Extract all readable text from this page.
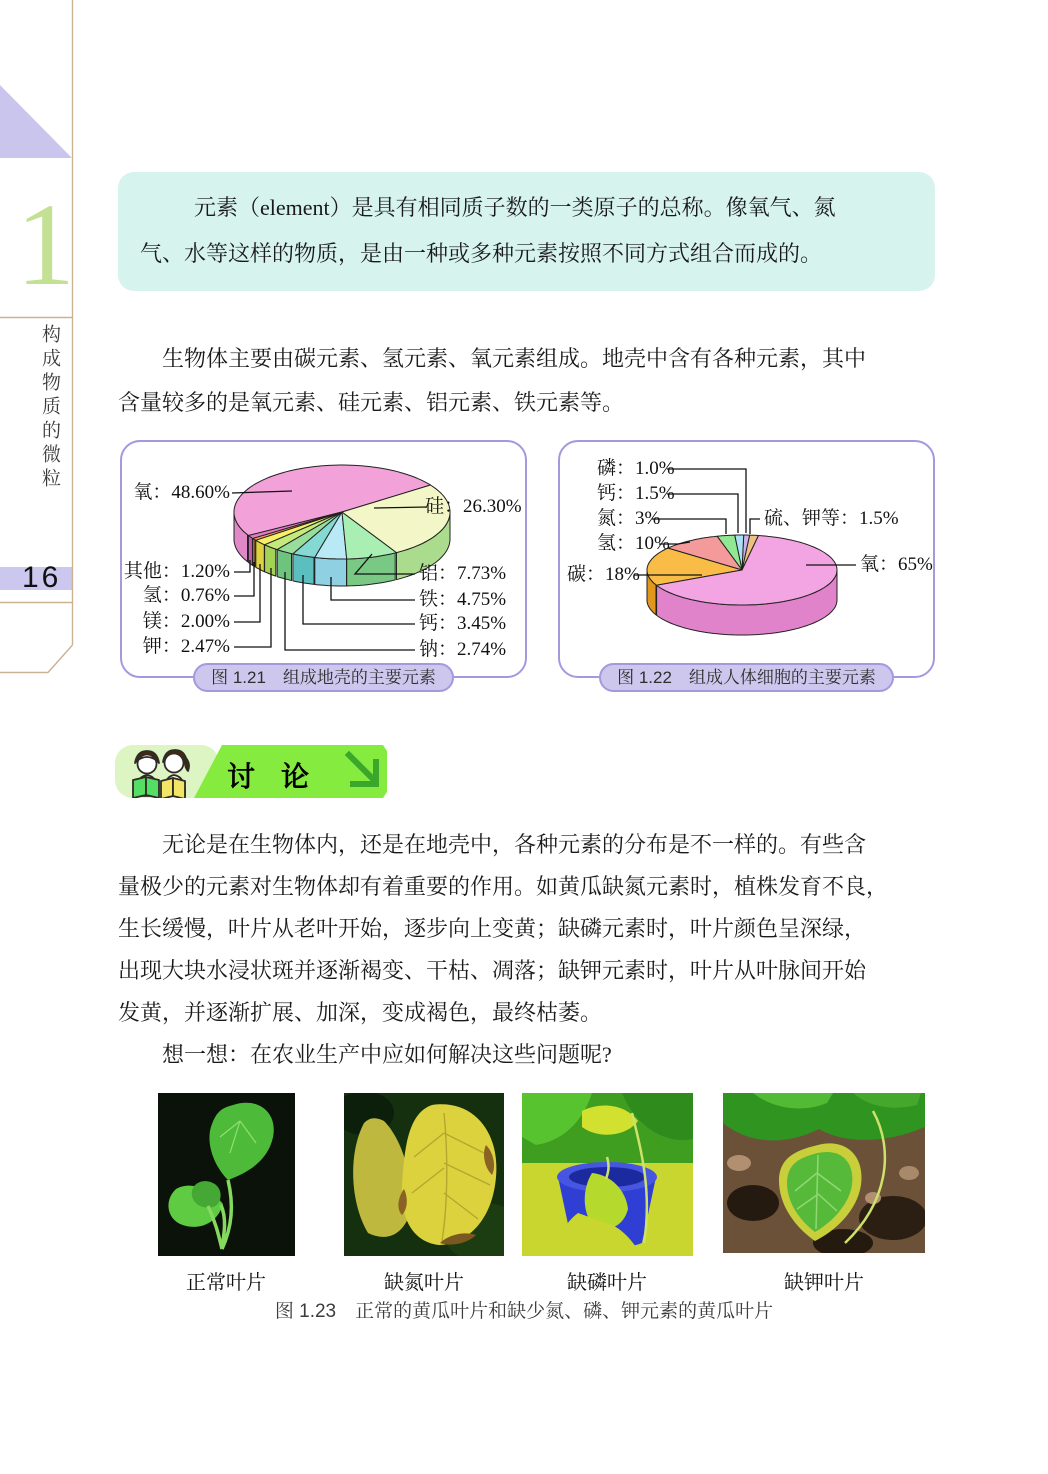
1
构成物质的微粒
16
元素（element）是具有相同质子数的一类原子的总称。像氧气、氮
气、水等这样的物质，是由一种或多种元素按照不同方式组合而成的。
生物体主要由碳元素、氢元素、氧元素组成。地壳中含有各种元素，其中
含量较多的是氧元素、硅元素、铝元素、铁元素等。
氧：48.60%
硅：26.30%
铝：7.73%
铁：4.75%
钙：3.45%
钠：2.74%
其他：1.20%
氢：0.76%
镁：2.00%
钾：2.47%
图 1.21　组成地壳的主要元素
磷：1.0%
钙：1.5%
氮：3%
氢：10%
碳：18%
硫、钾等：1.5%
氧：65%
图 1.22　组成人体细胞的主要元素
讨论
无论是在生物体内，还是在地壳中，各种元素的分布是不一样的。有些含
量极少的元素对生物体却有着重要的作用。如黄瓜缺氮元素时，植株发育不良，
生长缓慢，叶片从老叶开始，逐步向上变黄；缺磷元素时，叶片颜色呈深绿，
出现大块水浸状斑并逐渐褐变、干枯、凋落；缺钾元素时，叶片从叶脉间开始
发黄，并逐渐扩展、加深，变成褐色，最终枯萎。
想一想：在农业生产中应如何解决这些问题呢?
正常叶片	缺氮叶片	缺磷叶片	缺钾叶片
图 1.23　正常的黄瓜叶片和缺少氮、磷、钾元素的黄瓜叶片
